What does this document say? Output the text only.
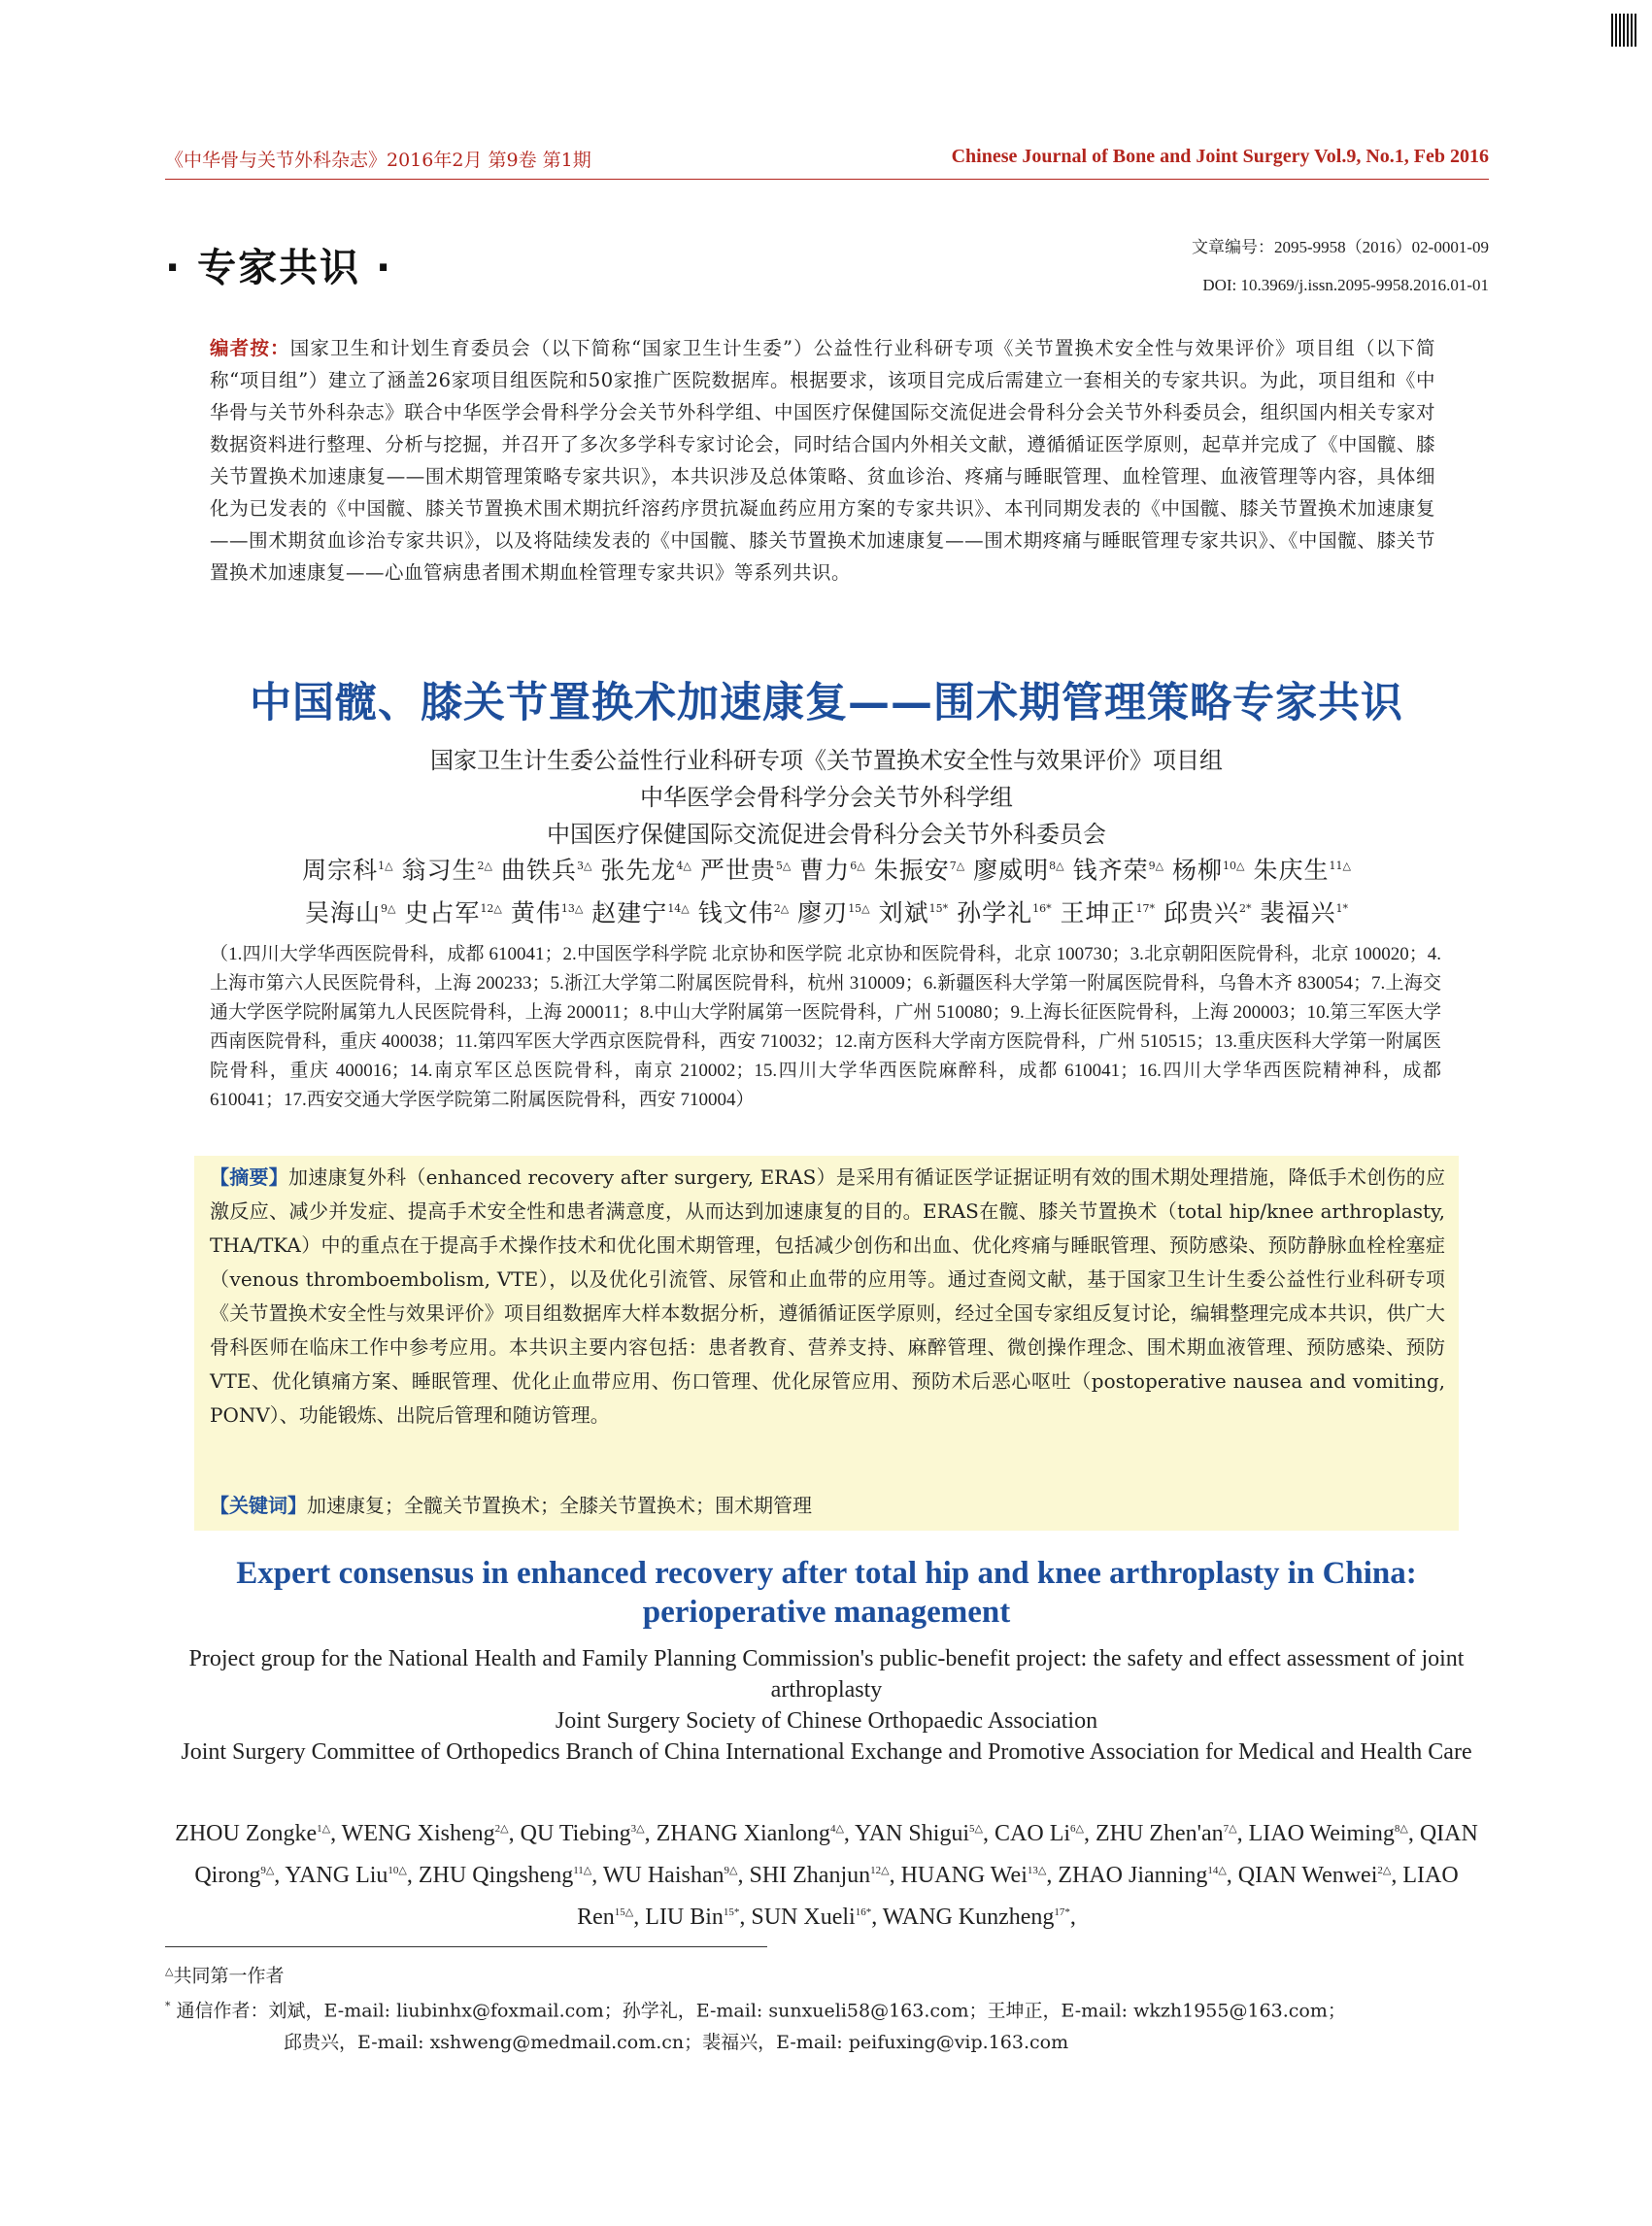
《中华骨与关节外科杂志》2016年2月 第9卷 第1期	Chinese Journal of Bone and Joint Surgery Vol.9, No.1, Feb 2016
· 专家共识 ·	文章编号：2095-9958（2016）02-0001-09
DOI: 10.3969/j.issn.2095-9958.2016.01-01
编者按：国家卫生和计划生育委员会（以下简称“国家卫生计生委”）公益性行业科研专项《关节置换术安全性与效果评价》项目组（以下简称“项目组”）建立了涵盖26家项目组医院和50家推广医院数据库。根据要求，该项目完成后需建立一套相关的专家共识。为此，项目组和《中华骨与关节外科杂志》联合中华医学会骨科学分会关节外科学组、中国医疗保健国际交流促进会骨科分会关节外科委员会，组织国内相关专家对数据资料进行整理、分析与挖掘，并召开了多次多学科专家讨论会，同时结合国内外相关文献，遵循循证医学原则，起草并完成了《中国髋、膝关节置换术加速康复——围术期管理策略专家共识》，本共识涉及总体策略、贫血诊治、疼痛与睡眠管理、血栓管理、血液管理等内容，具体细化为已发表的《中国髋、膝关节置换术围术期抗纤溶药序贯抗凝血药应用方案的专家共识》、本刊同期发表的《中国髋、膝关节置换术加速康复——围术期贫血诊治专家共识》，以及将陆续发表的《中国髋、膝关节置换术加速康复——围术期疼痛与睡眠管理专家共识》、《中国髋、膝关节置换术加速康复——心血管病患者围术期血栓管理专家共识》等系列共识。
中国髋、膝关节置换术加速康复——围术期管理策略专家共识
国家卫生计生委公益性行业科研专项《关节置换术安全性与效果评价》项目组
中华医学会骨科学分会关节外科学组
中国医疗保健国际交流促进会骨科分会关节外科委员会
周宗科$^{1\triangle}$ 翁习生$^{2\triangle}$ 曲铁兵$^{3\triangle}$ 张先龙$^{4\triangle}$ 严世贵$^{5\triangle}$ 曹力$^{6\triangle}$ 朱振安$^{7\triangle}$ 廖威明$^{8\triangle}$ 钱齐荣$^{9\triangle}$ 杨柳$^{10\triangle}$ 朱庆生$^{11\triangle}$
吴海山$^{9\triangle}$ 史占军$^{12\triangle}$ 黄伟$^{13\triangle}$ 赵建宁$^{14\triangle}$ 钱文伟$^{2\triangle}$ 廖刃$^{15\triangle}$ 刘斌$^{15*}$ 孙学礼$^{16*}$ 王坤正$^{17*}$ 邱贵兴$^{2*}$ 裴福兴$^{1*}$
（1.四川大学华西医院骨科，成都 610041；2.中国医学科学院 北京协和医学院 北京协和医院骨科，北京 100730；3.北京朝阳医院骨科，北京 100020；4.上海市第六人民医院骨科，上海 200233；5.浙江大学第二附属医院骨科，杭州 310009；6.新疆医科大学第一附属医院骨科，乌鲁木齐 830054；7.上海交通大学医学院附属第九人民医院骨科，上海 200011；8.中山大学附属第一医院骨科，广州 510080；9.上海长征医院骨科，上海 200003；10.第三军医大学西南医院骨科，重庆 400038；11.第四军医大学西京医院骨科，西安 710032；12.南方医科大学南方医院骨科，广州 510515；13.重庆医科大学第一附属医院骨科，重庆 400016；14.南京军区总医院骨科，南京 210002；15.四川大学华西医院麻醉科，成都 610041；16.四川大学华西医院精神科，成都 610041；17.西安交通大学医学院第二附属医院骨科，西安 710004）
【摘要】加速康复外科（enhanced recovery after surgery, ERAS）是采用有循证医学证据证明有效的围术期处理措施，降低手术创伤的应激反应、减少并发症、提高手术安全性和患者满意度，从而达到加速康复的目的。ERAS在髋、膝关节置换术（total hip/knee arthroplasty, THA/TKA）中的重点在于提高手术操作技术和优化围术期管理，包括减少创伤和出血、优化疼痛与睡眠管理、预防感染、预防静脉血栓栓塞症（venous thromboembolism, VTE），以及优化引流管、尿管和止血带的应用等。通过查阅文献，基于国家卫生计生委公益性行业科研专项《关节置换术安全性与效果评价》项目组数据库大样本数据分析，遵循循证医学原则，经过全国专家组反复讨论，编辑整理完成本共识，供广大骨科医师在临床工作中参考应用。本共识主要内容包括：患者教育、营养支持、麻醉管理、微创操作理念、围术期血液管理、预防感染、预防VTE、优化镇痛方案、睡眠管理、优化止血带应用、伤口管理、优化尿管应用、预防术后恶心呕吐（postoperative nausea and vomiting, PONV）、功能锻炼、出院后管理和随访管理。
【关键词】加速康复；全髋关节置换术；全膝关节置换术；围术期管理
Expert consensus in enhanced recovery after total hip and knee arthroplasty in China: perioperative management
Project group for the National Health and Family Planning Commission's public-benefit project: the safety and effect assessment of joint arthroplasty
Joint Surgery Society of Chinese Orthopaedic Association
Joint Surgery Committee of Orthopedics Branch of China International Exchange and Promotive Association for Medical and Health Care
ZHOU Zongke$^{1\triangle}$, WENG Xisheng$^{2\triangle}$, QU Tiebing$^{3\triangle}$, ZHANG Xianlong$^{4\triangle}$, YAN Shigui$^{5\triangle}$, CAO $Li^{6\triangle}$, ZHU $Zhen'an^{7\triangle}$, LIAO Weiming$^{8\triangle}$, QIAN Qirong$^{9\triangle}$, YANG Liu$^{10\triangle}$, ZHU Qingsheng$^{11\triangle}$, WU Haishan$^{9\triangle}$, SHI Zhanjun$^{12\triangle}$, HUANG Wei$^{13\triangle}$, ZHAO Jianning$^{14\triangle}$, QIAN Wenwei$^{2\triangle}$, LIAO Ren$^{15\triangle}$, LIU Bin$^{15*}$, SUN Xueli$^{16*}$, WANG Kunzheng$^{17*}$,
△共同第一作者
* 通信作者：刘斌，E-mail: liubinhx@foxmail.com；孙学礼，E-mail: sunxueli58@163.com；王坤正，E-mail: wkzh1955@163.com；
邱贵兴，E-mail: xshweng@medmail.com.cn；裴福兴，E-mail: peifuxing@vip.163.com
